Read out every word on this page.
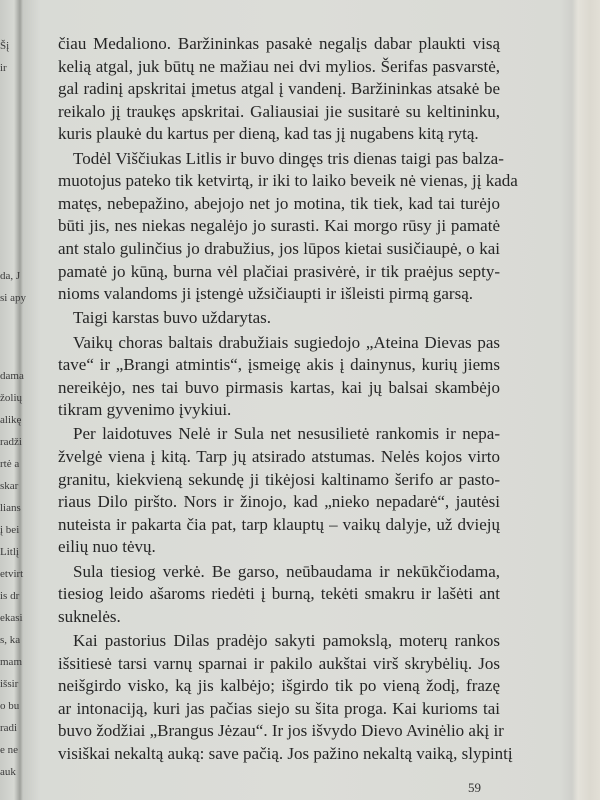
Šį
ir
da, J
si apy
dama
žolių
alikę
radži
rtė a
skar
lians
į bei
Litlį
etvirt
is dr
ekasi
s, ka
mam
išsir
o bu
radi
e ne
auk
čiau Medaliono. Baržininkas pasakė negalįs dabar plaukti visą
kelią atgal, juk būtų ne mažiau nei dvi mylios. Šerifas pasvarstė,
gal radinį apskritai įmetus atgal į vandenį. Baržininkas atsakė be
reikalo jį traukęs apskritai. Galiausiai jie susitarė su keltininku,
kuris plaukė du kartus per dieną, kad tas jį nugabens kitą rytą.
Todėl Viščiukas Litlis ir buvo dingęs tris dienas taigi pas balza-
muotojus pateko tik ketvirtą, ir iki to laiko beveik nė vienas, jį kada
matęs, nebepažino, abejojo net jo motina, tik tiek, kad tai turėjo
būti jis, nes niekas negalėjo jo surasti. Kai morgo rūsy ji pamatė
ant stalo gulinčius jo drabužius, jos lūpos kietai susičiaupė, o kai
pamatė jo kūną, burna vėl plačiai prasivėrė, ir tik praėjus septy-
nioms valandoms ji įstengė užsičiaupti ir išleisti pirmą garsą.
Taigi karstas buvo uždarytas.
Vaikų choras baltais drabužiais sugiedojo „Ateina Dievas pas
tave“ ir „Brangi atmintis“, įsmeigę akis į dainynus, kurių jiems
nereikėjo, nes tai buvo pirmasis kartas, kai jų balsai skambėjo
tikram gyvenimo įvykiui.
Per laidotuves Nelė ir Sula net nesusilietė rankomis ir nepa-
žvelgė viena į kitą. Tarp jų atsirado atstumas. Nelės kojos virto
granitu, kiekvieną sekundę ji tikėjosi kaltinamo šerifo ar pasto-
riaus Dilo piršto. Nors ir žinojo, kad „nieko nepadarė“, jautėsi
nuteista ir pakarta čia pat, tarp klauptų – vaikų dalyje, už dviejų
eilių nuo tėvų.
Sula tiesiog verkė. Be garso, neūbaudama ir nekūkčiodama,
tiesiog leido ašaroms riedėti į burną, tekėti smakru ir lašėti ant
suknelės.
Kai pastorius Dilas pradėjo sakyti pamokslą, moterų rankos
išsitiesė tarsi varnų sparnai ir pakilo aukštai virš skrybėlių. Jos
neišgirdo visko, ką jis kalbėjo; išgirdo tik po vieną žodį, frazę
ar intonaciją, kuri jas pačias siejo su šita proga. Kai kurioms tai
buvo žodžiai „Brangus Jėzau“. Ir jos išvydo Dievo Avinėlio akį ir
visiškai nekaltą auką: save pačią. Jos pažino nekaltą vaiką, slypintį
59
